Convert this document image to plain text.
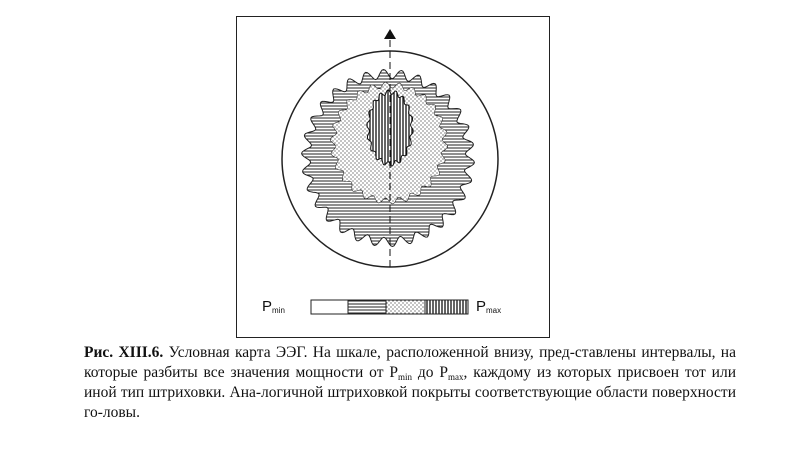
$P_{min}$	$P_{max}$
Рис. XIII.6. Условная карта ЭЭГ. На шкале, расположенной внизу, пред-ставлены интервалы, на которые разбиты все значения мощности от $P_{min}$ до $P_{max}$, каждому из которых присвоен тот или иной тип штриховки. Ана-логичной штриховкой покрыты соответствующие области поверхности го-ловы.
